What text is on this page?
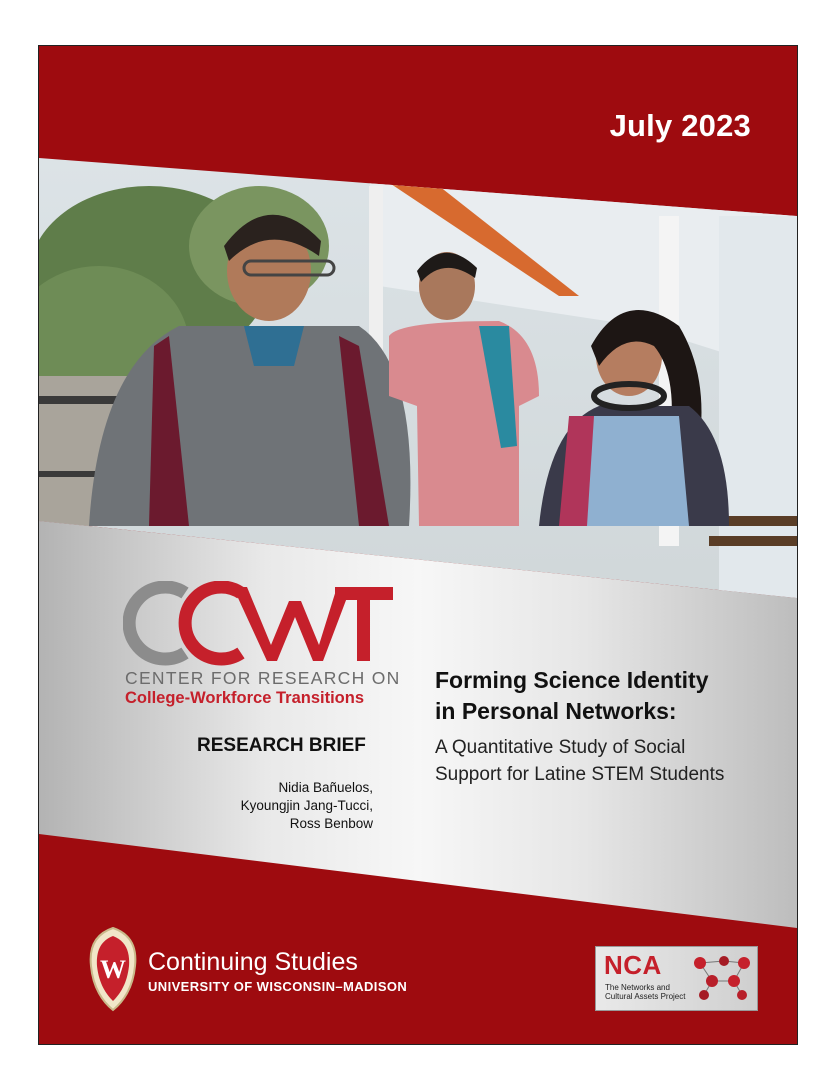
July 2023
CENTER FOR RESEARCH ON
College-Workforce Transitions
RESEARCH BRIEF
Nidia Bañuelos,
Kyoungjin Jang-Tucci,
Ross Benbow
Forming Science Identity
in Personal Networks:
A Quantitative Study of Social
Support for Latine STEM Students
W Continuing Studies
UNIVERSITY OF WISCONSIN–MADISON
NCA
The Networks and
Cultural Assets Project
